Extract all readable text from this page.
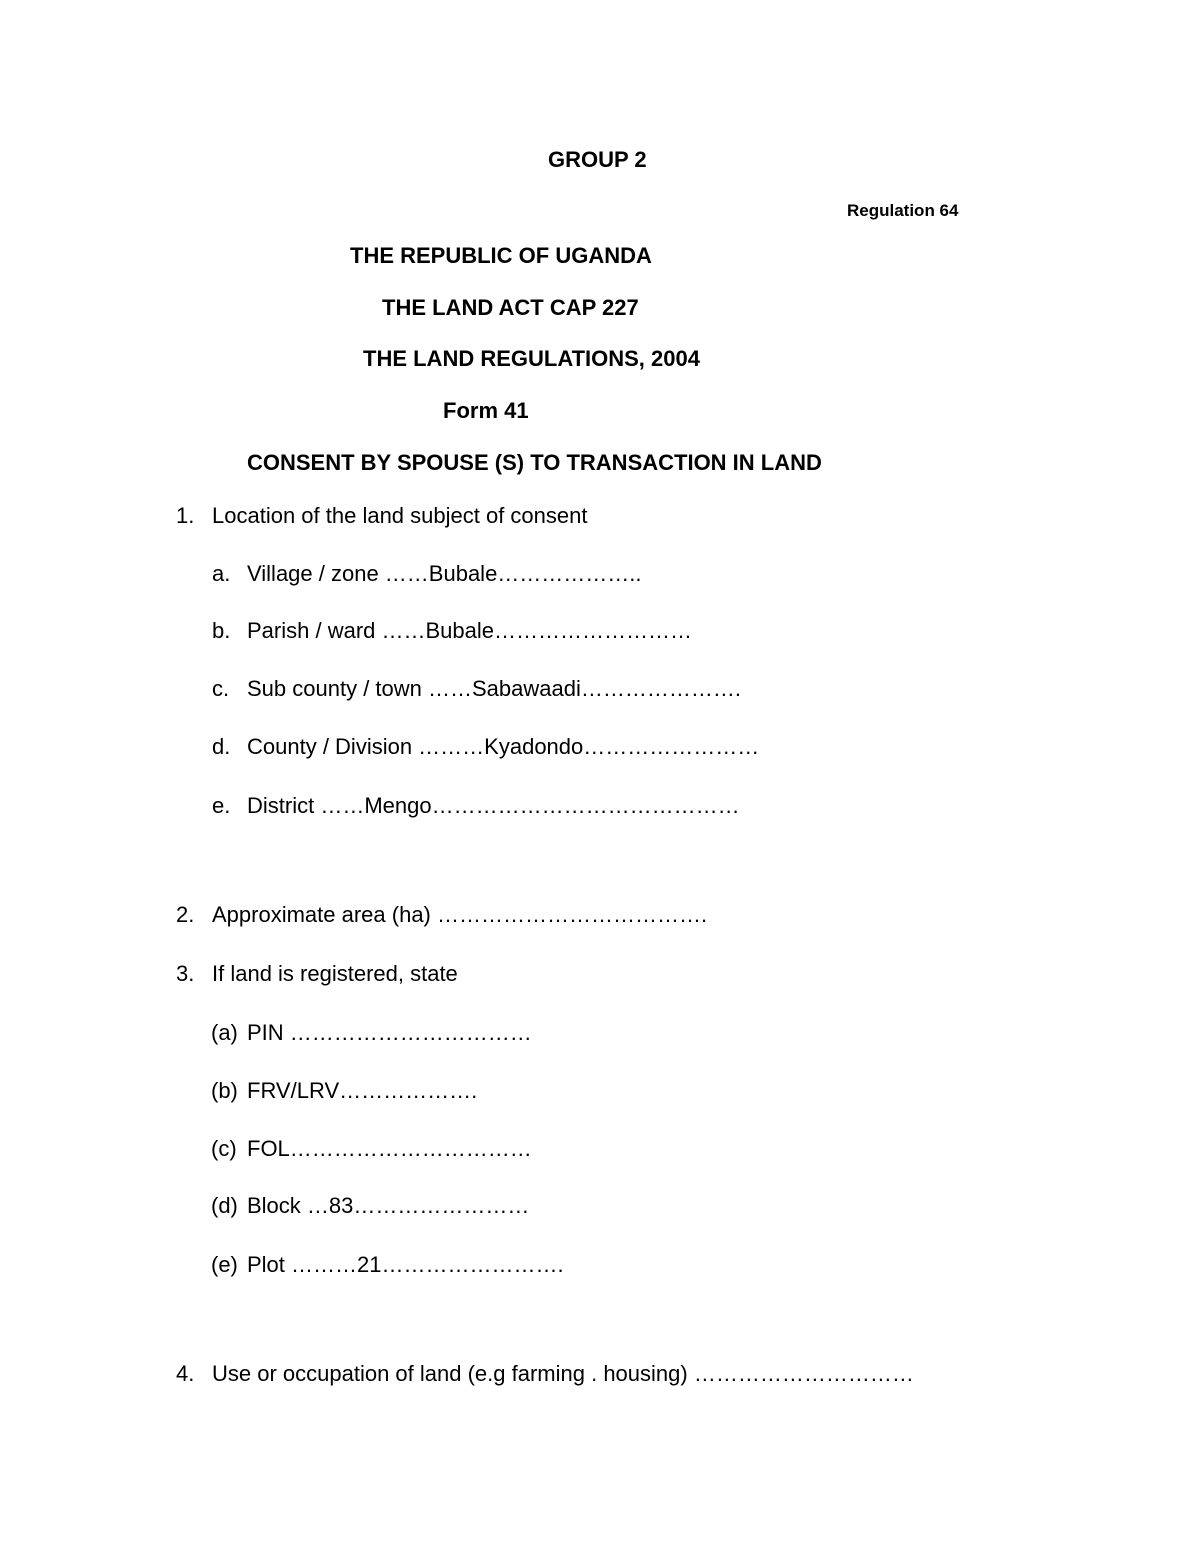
GROUP 2
Regulation 64
THE REPUBLIC OF UGANDA
THE LAND ACT CAP 227
THE LAND REGULATIONS, 2004
Form 41
CONSENT BY SPOUSE (S) TO TRANSACTION IN LAND
1. Location of the land subject of consent
a. Village / zone ……Bubale………………..
b. Parish / ward ……Bubale………………………
c. Sub county / town ……Sabawaadi………………….
d. County / Division ………Kyadondo……………………
e. District ……Mengo……………………………………
2. Approximate area (ha) ……………………………….
3. If land is registered, state
(a) PIN ……………………………
(b) FRV/LRV……………….
(c) FOL……………………………
(d) Block …83……………………
(e) Plot ………21…………………….
4. Use or occupation of land (e.g farming . housing) …………………………
